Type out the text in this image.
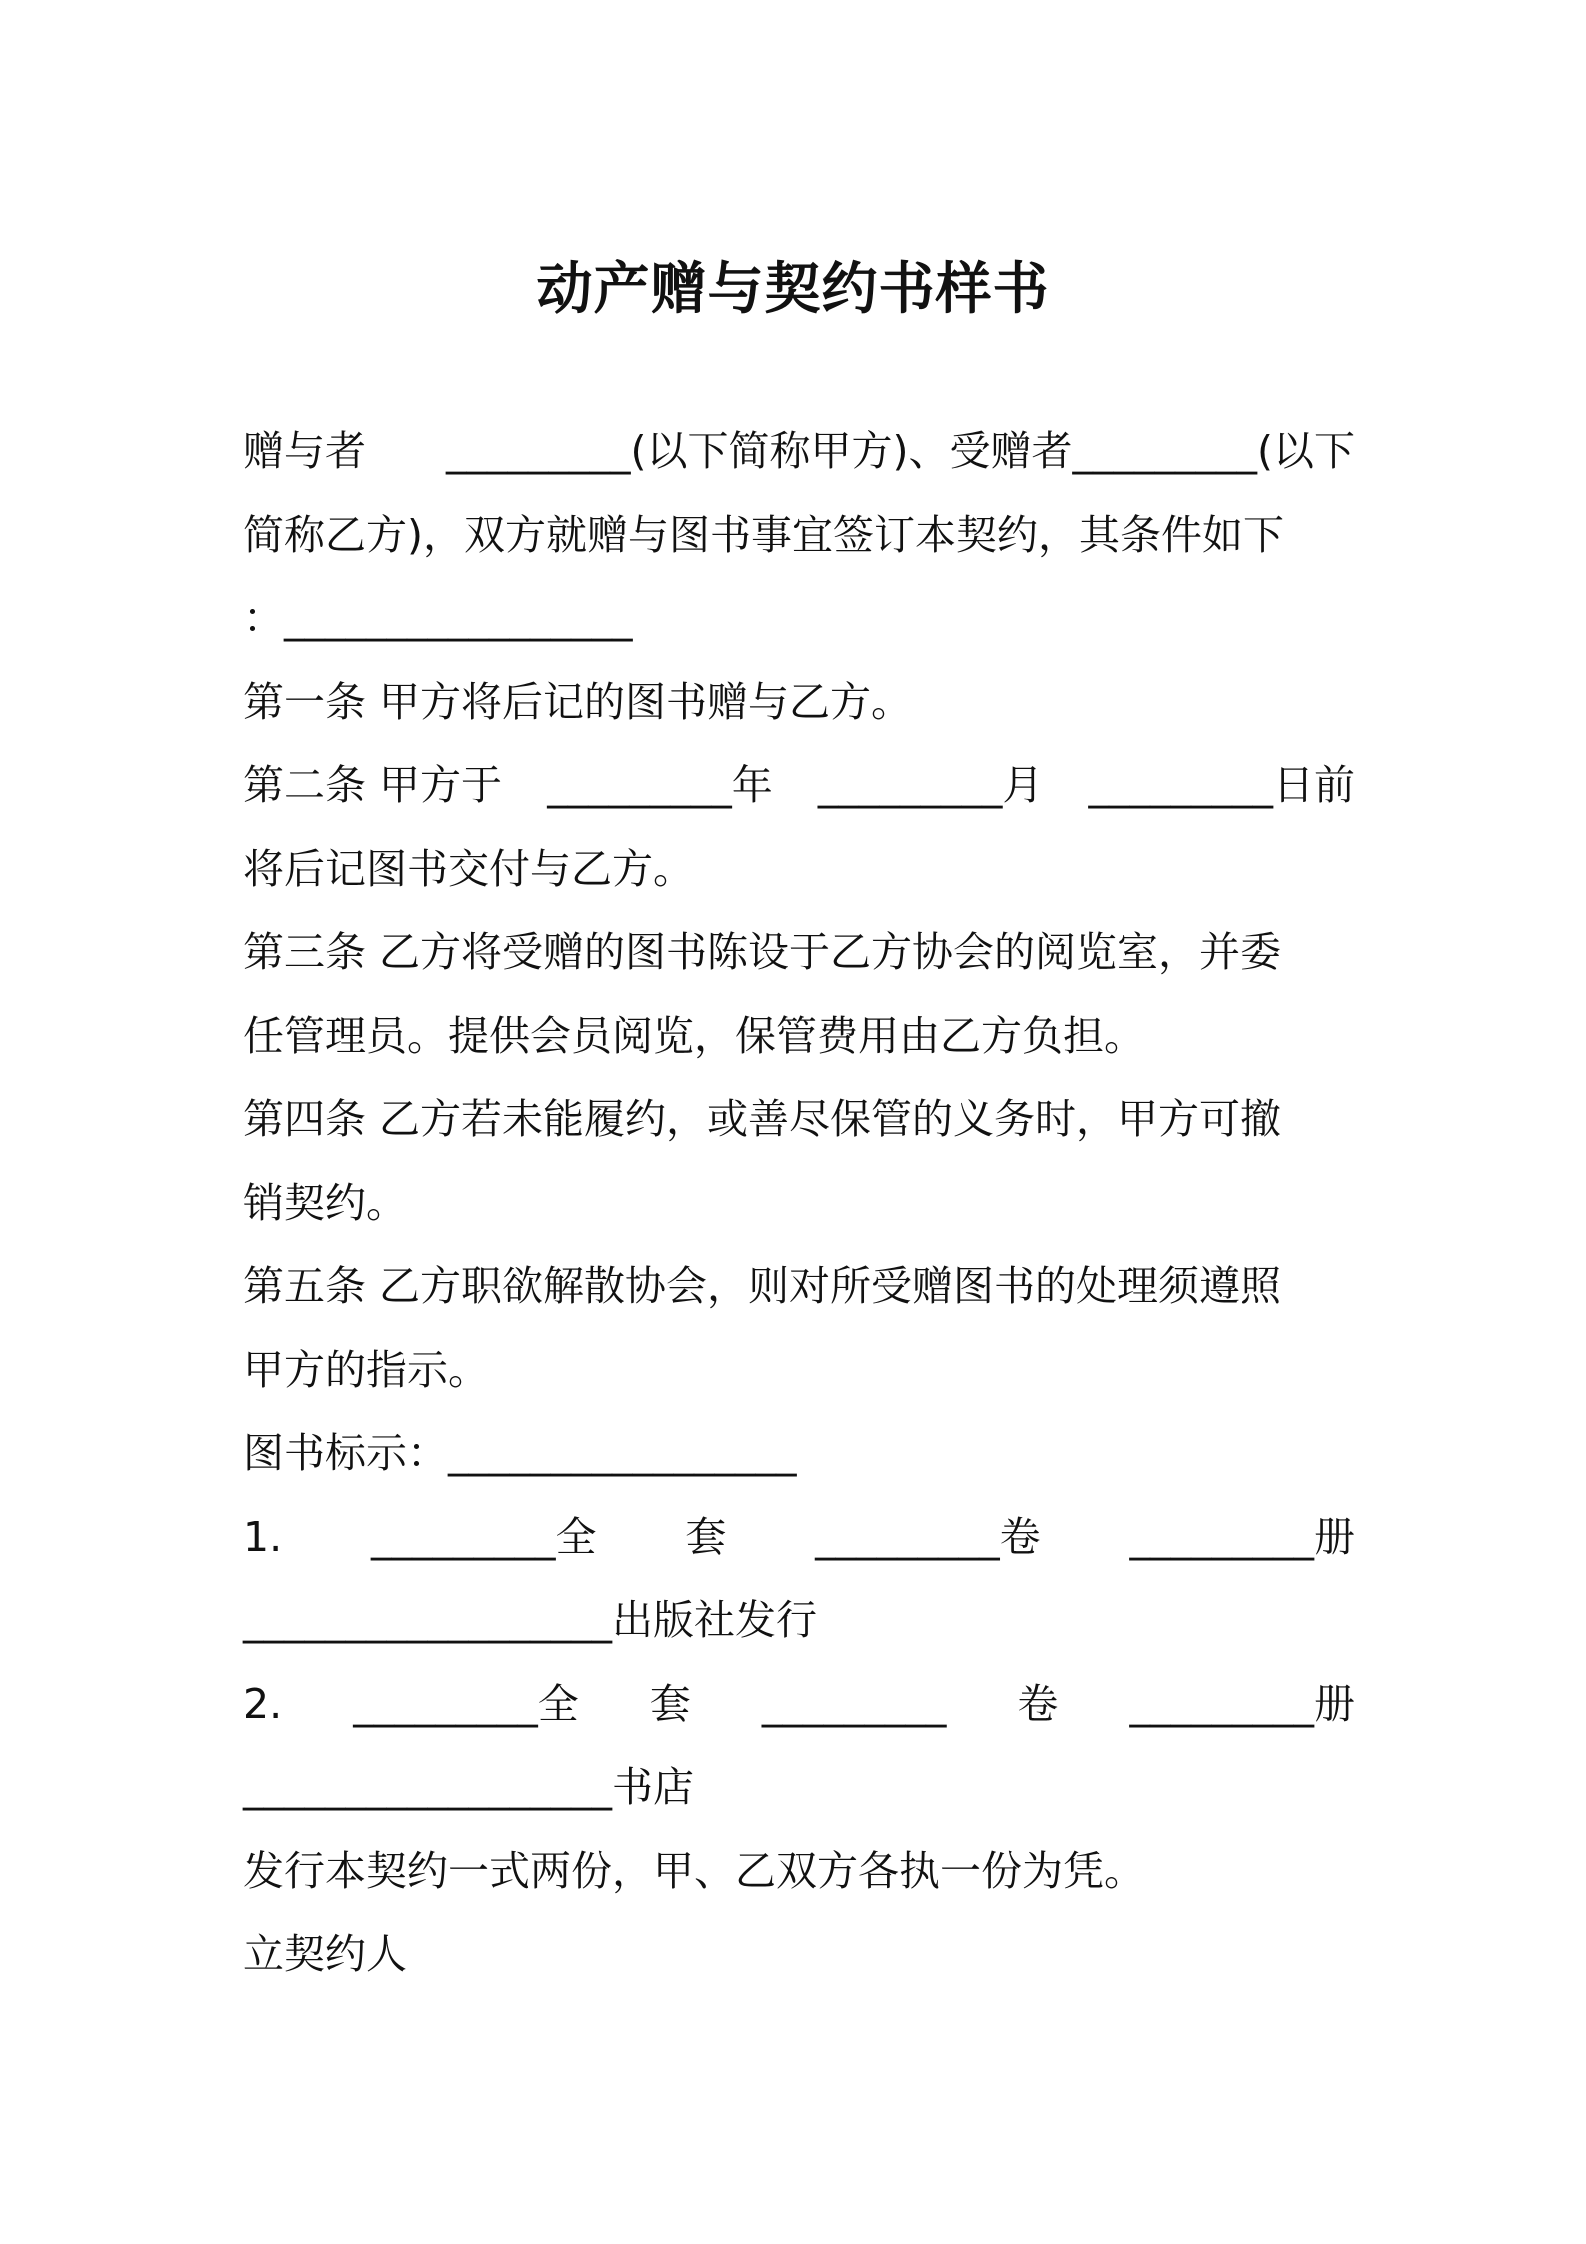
动产赠与契约书样书
赠与者 _________(以下简称甲方)、受赠者_________(以下
简称乙方)，双方就赠与图书事宜签订本契约，其条件如下
：_________________
第一条 甲方将后记的图书赠与乙方。
第二条 甲方于 _________年 _________月 _________日前
将后记图书交付与乙方。
第三条 乙方将受赠的图书陈设于乙方协会的阅览室，并委
任管理员。提供会员阅览，保管费用由乙方负担。
第四条 乙方若未能履约，或善尽保管的义务时，甲方可撤
销契约。
第五条 乙方职欲解散协会，则对所受赠图书的处理须遵照
甲方的指示。
图书标示：_________________
1. _________全 套 _________卷 _________册
__________________出版社发行
2. _________全 套 _________ 卷 _________册
__________________书店
发行本契约一式两份，甲、乙双方各执一份为凭。
立契约人
